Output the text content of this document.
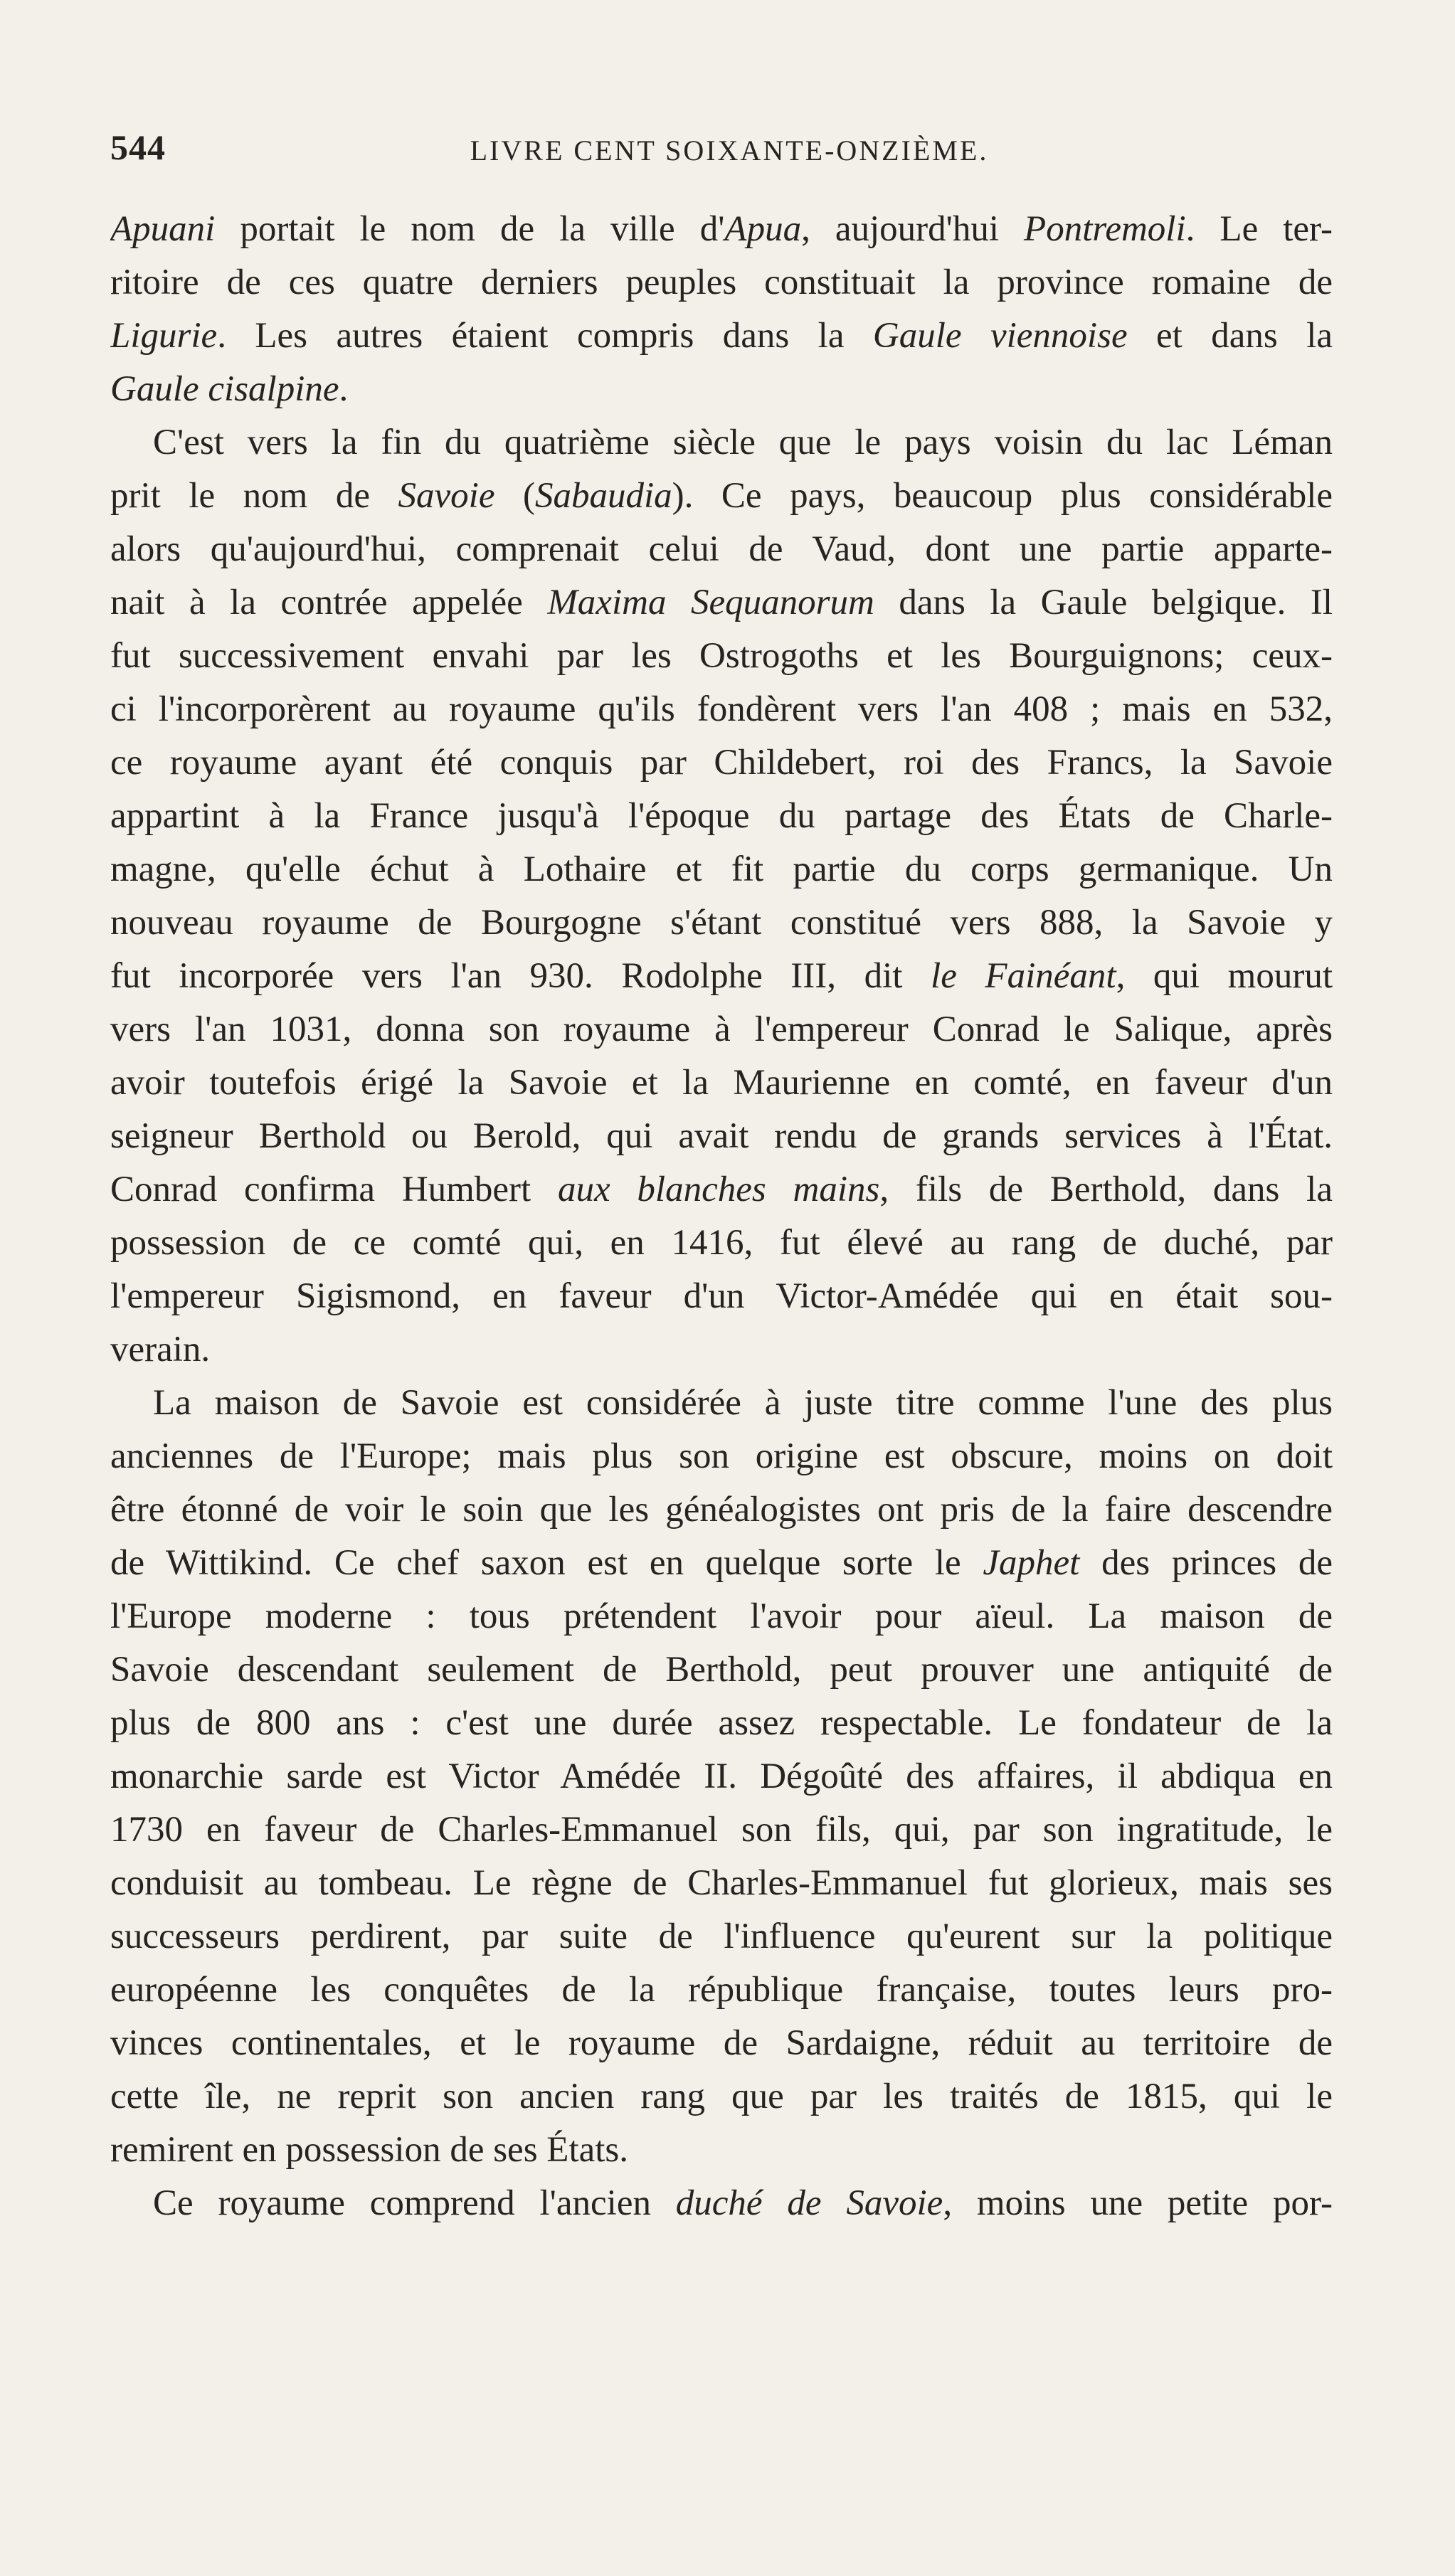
544	LIVRE CENT SOIXANTE-ONZIÈME.
Apuani portait le nom de la ville d'Apua, aujourd'hui Pontremoli. Le ter-
ritoire de ces quatre derniers peuples constituait la province romaine de
Ligurie. Les autres étaient compris dans la Gaule viennoise et dans la
Gaule cisalpine.
C'est vers la fin du quatrième siècle que le pays voisin du lac Léman
prit le nom de Savoie (Sabaudia). Ce pays, beaucoup plus considérable
alors qu'aujourd'hui, comprenait celui de Vaud, dont une partie apparte-
nait à la contrée appelée Maxima Sequanorum dans la Gaule belgique. Il
fut successivement envahi par les Ostrogoths et les Bourguignons; ceux-
ci l'incorporèrent au royaume qu'ils fondèrent vers l'an 408 ; mais en 532,
ce royaume ayant été conquis par Childebert, roi des Francs, la Savoie
appartint à la France jusqu'à l'époque du partage des États de Charle-
magne, qu'elle échut à Lothaire et fit partie du corps germanique. Un
nouveau royaume de Bourgogne s'étant constitué vers 888, la Savoie y
fut incorporée vers l'an 930. Rodolphe III, dit le Fainéant, qui mourut
vers l'an 1031, donna son royaume à l'empereur Conrad le Salique, après
avoir toutefois érigé la Savoie et la Maurienne en comté, en faveur d'un
seigneur Berthold ou Berold, qui avait rendu de grands services à l'État.
Conrad confirma Humbert aux blanches mains, fils de Berthold, dans la
possession de ce comté qui, en 1416, fut élevé au rang de duché, par
l'empereur Sigismond, en faveur d'un Victor-Amédée qui en était sou-
verain.
La maison de Savoie est considérée à juste titre comme l'une des plus
anciennes de l'Europe; mais plus son origine est obscure, moins on doit
être étonné de voir le soin que les généalogistes ont pris de la faire descendre
de Wittikind. Ce chef saxon est en quelque sorte le Japhet des princes de
l'Europe moderne : tous prétendent l'avoir pour aïeul. La maison de
Savoie descendant seulement de Berthold, peut prouver une antiquité de
plus de 800 ans : c'est une durée assez respectable. Le fondateur de la
monarchie sarde est Victor Amédée II. Dégoûté des affaires, il abdiqua en
1730 en faveur de Charles-Emmanuel son fils, qui, par son ingratitude, le
conduisit au tombeau. Le règne de Charles-Emmanuel fut glorieux, mais ses
successeurs perdirent, par suite de l'influence qu'eurent sur la politique
européenne les conquêtes de la république française, toutes leurs pro-
vinces continentales, et le royaume de Sardaigne, réduit au territoire de
cette île, ne reprit son ancien rang que par les traités de 1815, qui le
remirent en possession de ses États.
Ce royaume comprend l'ancien duché de Savoie, moins une petite por-
